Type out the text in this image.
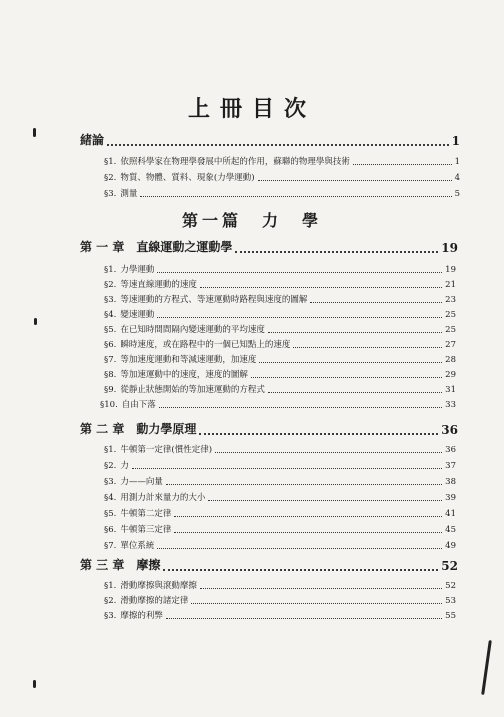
上冊目次
緒論	1
§1. 依照科學家在物理學發展中所起的作用，蘇聯的物理學與技術	1
§2. 物質、物體、質料、現象(力學運動)	4
§3. 測量	5
第一篇　力　學
第 一 章　直線運動之運動學	19
§1. 力學運動	19
§2. 等速直線運動的速度	21
§3. 等速運動的方程式、等速運動時路程與速度的圖解	23
§4. 變速運動	25
§5. 在已知時間間隔內變速運動的平均速度	25
§6. 瞬時速度，或在路程中的一個已知點上的速度	27
§7. 等加速度運動和等減速運動，加速度	28
§8. 等加速運動中的速度，速度的圖解	29
§9. 從靜止狀態開始的等加速運動的方程式	31
§10. 自由下落	33
第 二 章　動力學原理	36
§1. 牛頓第一定律(慣性定律)	36
§2. 力	37
§3. 力——向量	38
§4. 用測力計來量力的大小	39
§5. 牛頓第二定律	41
§6. 牛頓第三定律	45
§7. 單位系統	49
第 三 章　摩擦	52
§1. 滑動摩擦與滾動摩擦	52
§2. 滑動摩擦的諸定律	53
§3. 摩擦的利弊	55
